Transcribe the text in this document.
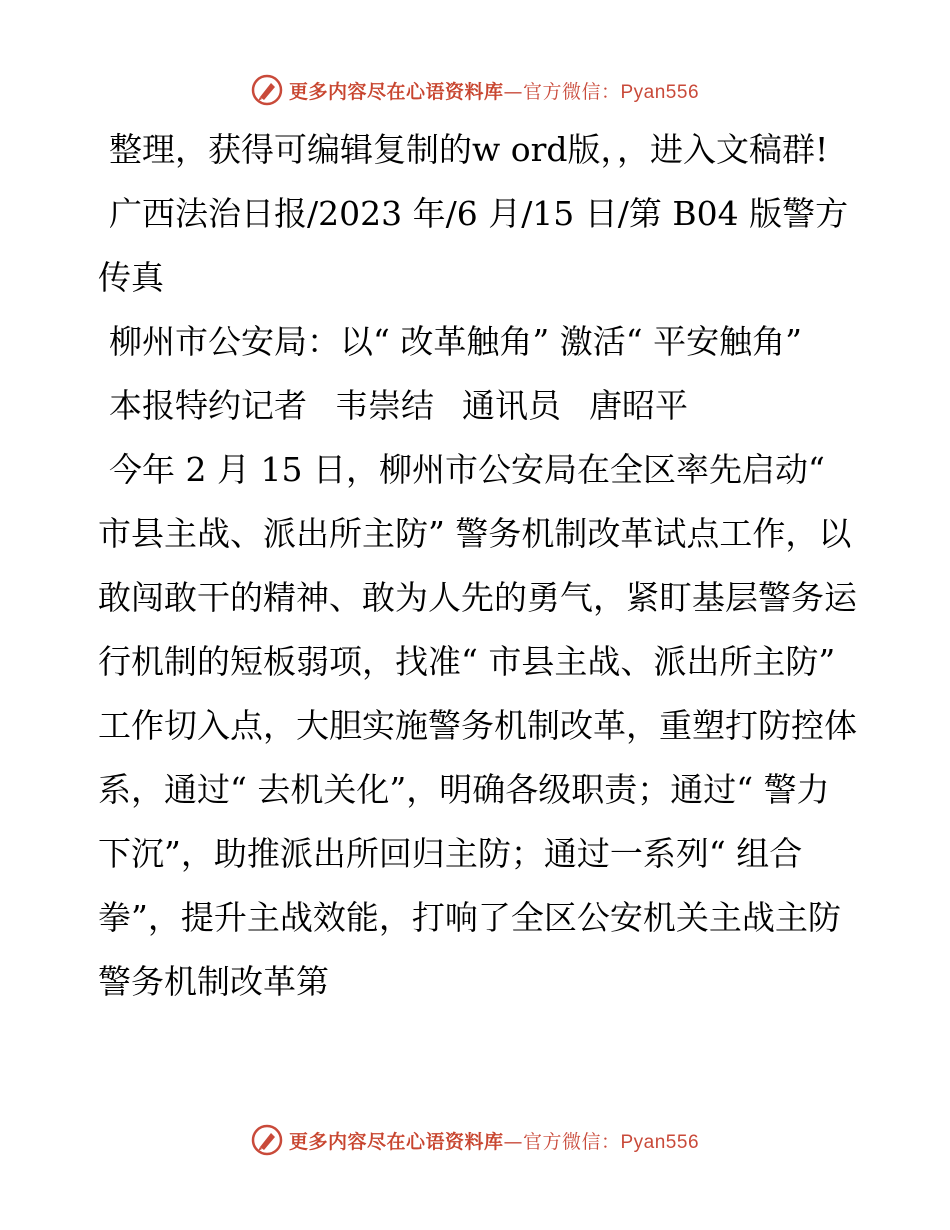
更多内容尽在心语资料库—官方微信：Pyan556

整理，获得可编辑复制的w ord版，，进入文稿群!

广西法治日报/2023 年/6 月/15 日/第 B04 版警方传真

柳州市公安局：以“ 改革触角” 激活“ 平安触角”

本报特约记者 韦崇结 通讯员 唐昭平

今年 2 月 15 日，柳州市公安局在全区率先启动“ 市县主战、派出所主防” 警务机制改革试点工作，以敢闯敢干的精神、敢为人先的勇气，紧盯基层警务运行机制的短板弱项，找准“ 市县主战、派出所主防” 工作切入点，大胆实施警务机制改革，重塑打防控体系，通过“ 去机关化”，明确各级职责；通过“ 警力下沉”，助推派出所回归主防；通过一系列“ 组合拳”，提升主战效能，打响了全区公安机关主战主防警务机制改革第

更多内容尽在心语资料库—官方微信：Pyan556
